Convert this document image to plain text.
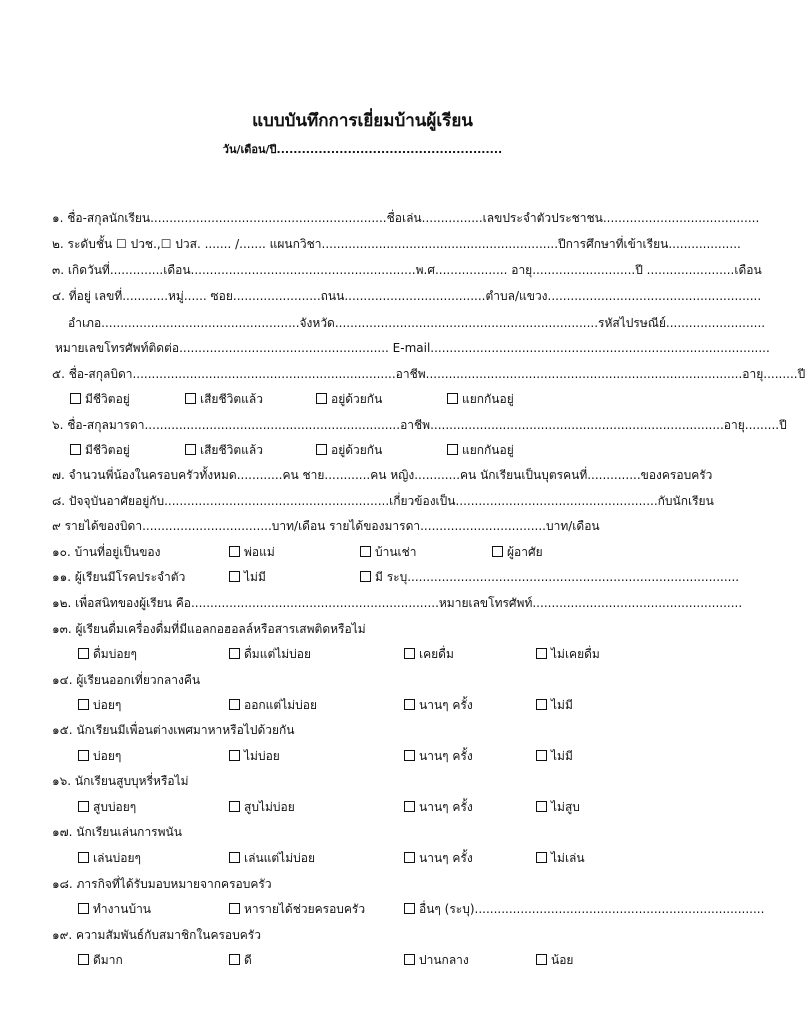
แบบบันทึกการเยี่ยมบ้านผู้เรียน
วัน/เดือน/ปี......................................................
๑. ชื่อ-สกุลนักเรียน..............................................................ชื่อเล่น................เลขประจำตัวประชาชน.........................................
๒. ระดับชั้น ☐ ปวช.,☐ ปวส. ....... /....... แผนกวิชา..............................................................ปีการศึกษาที่เข้าเรียน...................
๓. เกิดวันที่..............เดือน...........................................................พ.ศ................... อายุ...........................ปี .......................เดือน
๔. ที่อยู่ เลขที่............หมู่...... ซอย.......................ถนน.....................................ตำบล/แขวง........................................................
อำเภอ....................................................จังหวัด.....................................................................รหัสไปรษณีย์..........................
หมายเลขโทรศัพท์ติดต่อ....................................................... E-mail.........................................................................................
๕. ชื่อ-สกุลบิดา.....................................................................อาชีพ...................................................................................อายุ.........ปี
มีชีวิตอยู่	เสียชีวิตแล้ว	อยู่ด้วยกัน	แยกกันอยู่
๖. ชื่อ-สกุลมารดา...................................................................อาชีพ.............................................................................อายุ.........ปี
มีชีวิตอยู่	เสียชีวิตแล้ว	อยู่ด้วยกัน	แยกกันอยู่
๗. จำนวนพี่น้องในครอบครัวทั้งหมด............คน ชาย............คน หญิง............คน นักเรียนเป็นบุตรคนที่..............ของครอบครัว
๘. ปัจจุบันอาศัยอยู่กับ...........................................................เกี่ยวข้องเป็น.....................................................กับนักเรียน
๙ รายได้ของบิดา..................................บาท/เดือน รายได้ของมารดา.................................บาท/เดือน
๑๐. บ้านที่อยู่เป็นของ	พ่อแม่	บ้านเช่า	ผู้อาศัย
๑๑. ผู้เรียนมีโรคประจำตัว	ไม่มี	มี ระบุ.......................................................................................
๑๒. เพื่อสนิทของผู้เรียน คือ.................................................................หมายเลขโทรศัพท์.......................................................
๑๓. ผู้เรียนดื่มเครื่องดื่มที่มีแอลกอฮอลล์หรือสารเสพติดหรือไม่
ดื่มบ่อยๆ	ดื่มแต่ไม่บ่อย	เคยดื่ม	ไม่เคยดื่ม
๑๔. ผู้เรียนออกเที่ยวกลางคืน
บ่อยๆ	ออกแต่ไม่บ่อย	นานๆ ครั้ง	ไม่มี
๑๕. นักเรียนมีเพื่อนต่างเพศมาหาหรือไปด้วยกัน
บ่อยๆ	ไม่บ่อย	นานๆ ครั้ง	ไม่มี
๑๖. นักเรียนสูบบุหรี่หรือไม่
สูบบ่อยๆ	สูบไม่บ่อย	นานๆ ครั้ง	ไม่สูบ
๑๗. นักเรียนเล่นการพนัน
เล่นบ่อยๆ	เล่นแต่ไม่บ่อย	นานๆ ครั้ง	ไม่เล่น
๑๘. ภารกิจที่ได้รับมอบหมายจากครอบครัว
ทำงานบ้าน	หารายได้ช่วยครอบครัว	อื่นๆ (ระบุ)............................................................................
๑๙. ความสัมพันธ์กับสมาชิกในครอบครัว
ดีมาก	ดี	ปานกลาง	น้อย
